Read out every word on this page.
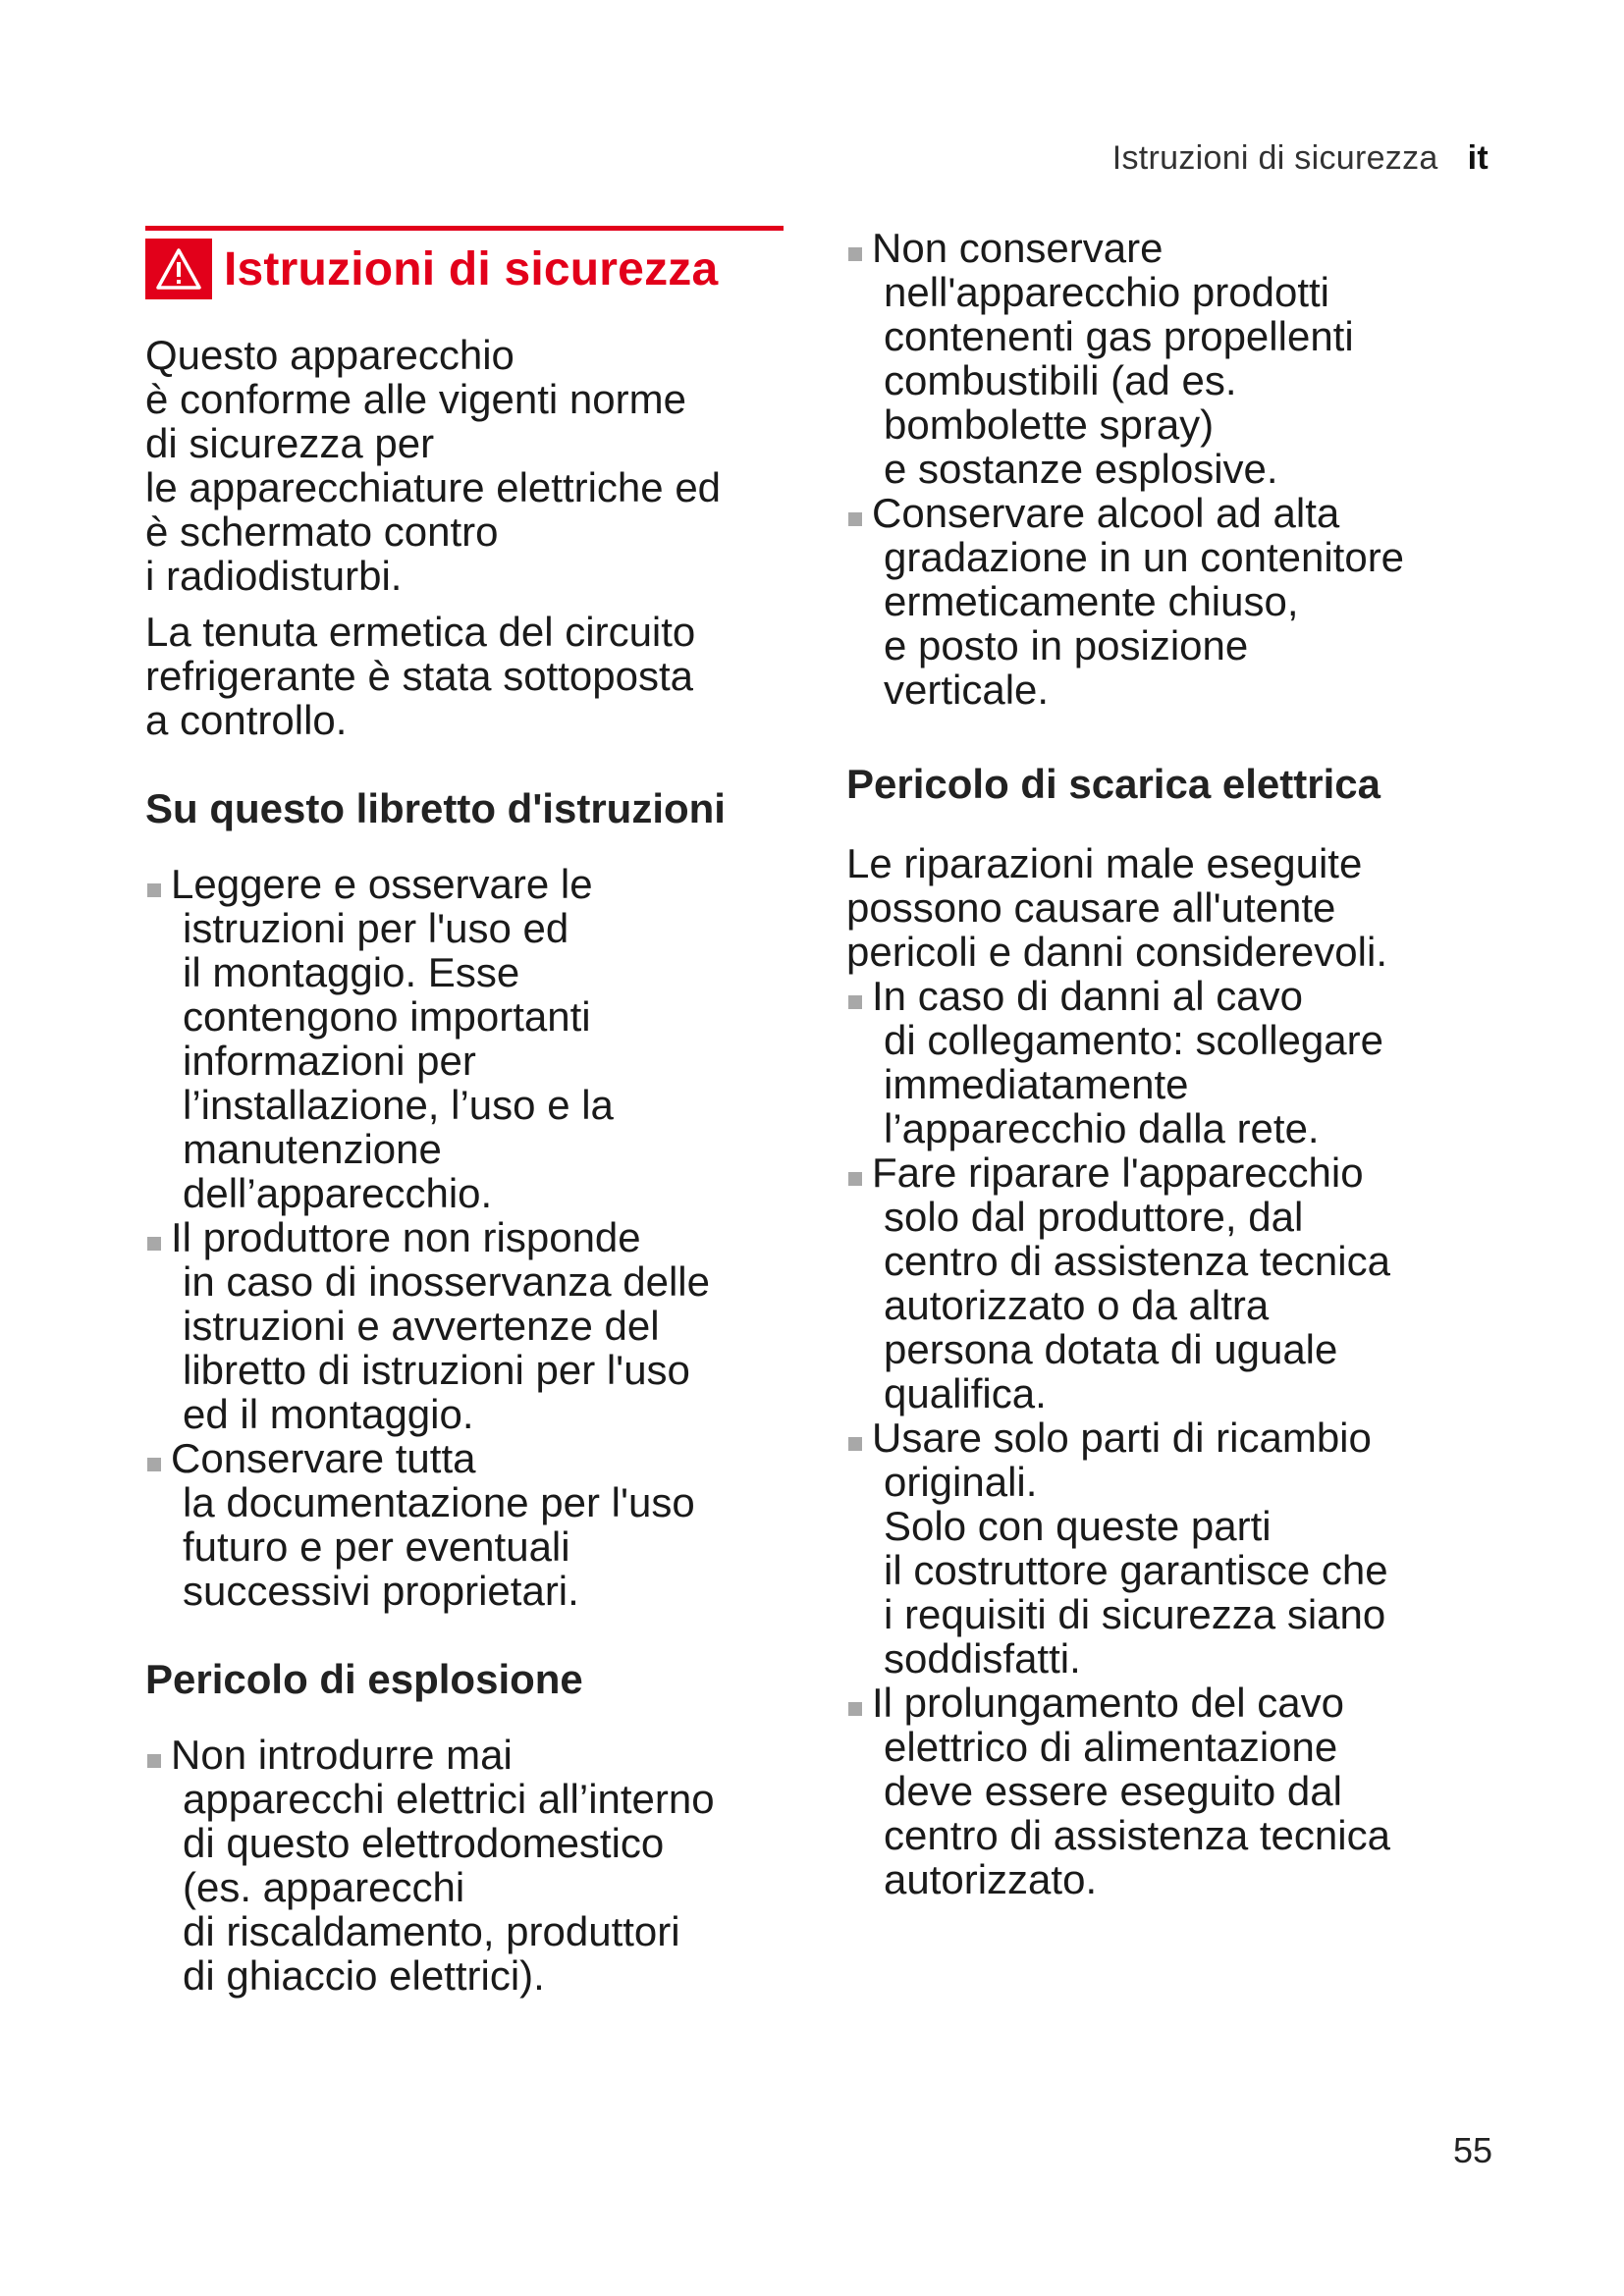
Istruzioni di sicurezza it
Istruzioni di sicurezza

Questo apparecchio
è conforme alle vigenti norme
di sicurezza per
le apparecchiature elettriche ed
è schermato contro
i radiodisturbi.

La tenuta ermetica del circuito
refrigerante è stata sottoposta
a controllo.

Su questo libretto d'istruzioni
Leggere e osservare le
istruzioni per l'uso ed
il montaggio. Esse
contengono importanti
informazioni per
l’installazione, l’uso e la
manutenzione
dell’apparecchio.
Il produttore non risponde
in caso di inosservanza delle
istruzioni e avvertenze del
libretto di istruzioni per l'uso
ed il montaggio.
Conservare tutta
la documentazione per l'uso
futuro e per eventuali
successivi proprietari.
Pericolo di esplosione
Non introdurre mai
apparecchi elettrici all’interno
di questo elettrodomestico
(es. apparecchi
di riscaldamento, produttori
di ghiaccio elettrici).
Non conservare
nell'apparecchio prodotti
contenenti gas propellenti
combustibili (ad es.
bombolette spray)
e sostanze esplosive.
Conservare alcool ad alta
gradazione in un contenitore
ermeticamente chiuso,
e posto in posizione
verticale.
Pericolo di scarica elettrica

Le riparazioni male eseguite
possono causare all'utente
pericoli e danni considerevoli.

In caso di danni al cavo
di collegamento: scollegare
immediatamente
l’apparecchio dalla rete.
Fare riparare l'apparecchio
solo dal produttore, dal
centro di assistenza tecnica
autorizzato o da altra
persona dotata di uguale
qualifica.
Usare solo parti di ricambio
originali.
Solo con queste parti
il costruttore garantisce che
i requisiti di sicurezza siano
soddisfatti.
Il prolungamento del cavo
elettrico di alimentazione
deve essere eseguito dal
centro di assistenza tecnica
autorizzato.
55
